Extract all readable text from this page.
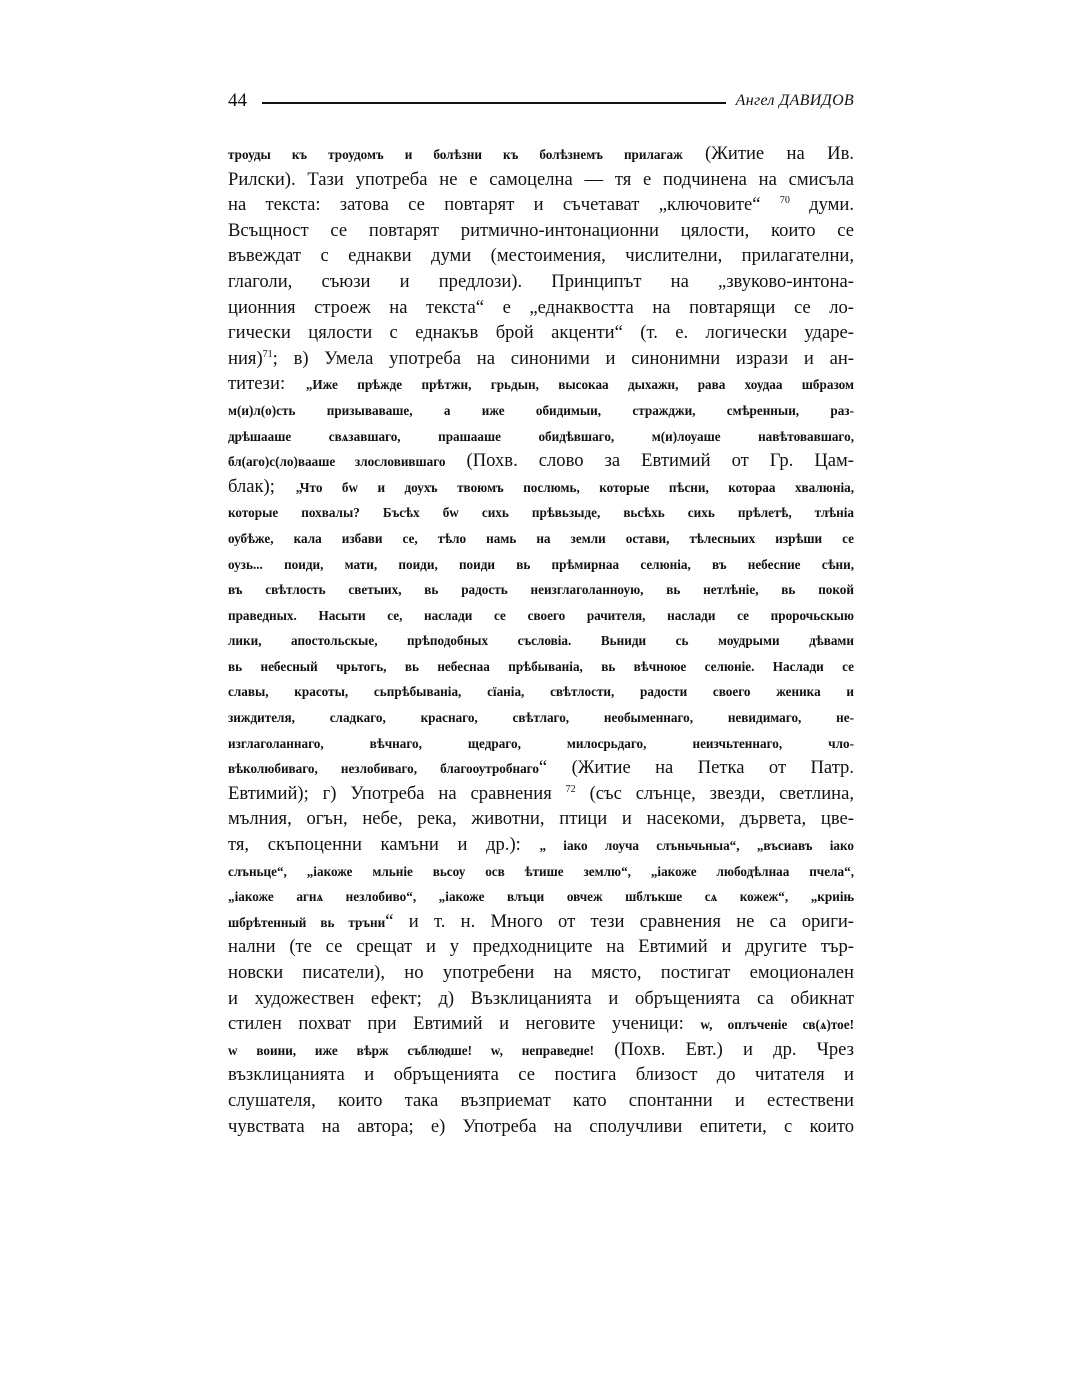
44	Ангел ДАВИДОВ
троуды къ троудомъ и болѣзни къ болѣзнемъ прилагаж (Житие на Ив.
Рилски). Тази употреба не е самоцелна — тя е подчинена на смисъла
на текста: затова се повтарят и съчетават „ключовите“ $^{70}$ думи.
Всъщност се повтарят ритмично-интонационни цялости, които се
въвеждат с еднакви думи (местоимения, числителни, прилагателни,
глаголи, съюзи и предлози). Принципът на „звуково-интона-
ционния строеж на текста“ е „еднаквостта на повтарящи се ло-
гически цялости с еднакъв брой акценти“ (т. е. логически ударе-
ния)$^{71}$; в) Умела употреба на синоними и синонимни изрази и ан-
титези: „Иже прѣжде прѣтжн, грьдын, высокаа дыхажн, рава хоудаа шбразом
м(и)л(о)сть призываваше, а иже обидимыи, стражджи, смѣренныи, раз-
дрѣшааше свѧзавшаго, прашааше обидѣвшаго, м(и)лоуаше навѣтовавшаго,
бл(аго)с(ло)вааше злословившаго (Похв. слово за Евтимий от Гр. Цам-
блак); „Что бw и доухъ твоюмъ послюмь, которые пѣсни, котораа хвалюніа,
которые похвалы? Бъсѣх бw сихь прѣвьзыде, вьсѣхь сихь прѣлетѣ, тлѣніа
оубѣже, кала избави се, тѣло намь на земли остави, тѣлесныих изрѣши се
оузь... поиди, мати, поиди, поиди вь прѣмирнаа селюніа, въ небесние сѣни,
въ свѣтлость светыих, вь радость неизглаголанноую, вь нетлѣніе, вь покой
праведных. Насыти се, наслади се своего рачителя, наслади се пророчьскыю
лики, апостольскые, прѣподобных съсловіа. Вьниди сь моудрыми дѣвами
вь небесный чрьтогь, вь небеснаа прѣбываніа, вь вѣчноюе селюніе. Наслади се
славы, красоты, сьпрѣбываніа, сїаніа, свѣтлости, радости своего женика и
зиждителя, сладкаго, краснаго, свѣтлаго, необыменнаго, невидимаго, не-
изглаголаннаго, вѣчнаго, щедраго, милосрьдаго, неизчьтеннаго, чло-
вѣколюбиваго, незлобиваго, благооутробнаго“ (Житие на Петка от Патр.
Евтимий); г) Употреба на сравнения $^{72}$ (със слънце, звезди, светлина,
мълния, огън, небе, река, животни, птици и насекоми, дървета, цве-
тя, скъпоценни камъни и др.): „ іако лоуча слъньчьныа“, „въсиавъ іако
слъньце“, „іакоже мльніе вьсоу осв ѣтише землю“, „іакоже любодѣлнаа пчела“,
„іакоже агнѧ незлобиво“, „іакоже влъци овчеж шблъкше сѧ кожеж“, „криіњ
шбрѣтенный вь тръни“ и т. н. Много от тези сравнения не са ориги-
нални (те се срещат и у предходниците на Евтимий и другите тър-
новски писатели), но употребени на място, постигат емоционален
и художествен ефект; д) Възклицанията и обръщенията са обикнат
стилен похват при Евтимий и неговите ученици: w, оплъченіе св(ѧ)тое!
w воини, иже вѣрж съблюдше! w, неправедне! (Похв. Евт.) и др. Чрез
възклицанията и обръщенията се постига близост до читателя и
слушателя, които така възприемат като спонтанни и естествени
чувствата на автора; е) Употреба на сполучливи епитети, с които
